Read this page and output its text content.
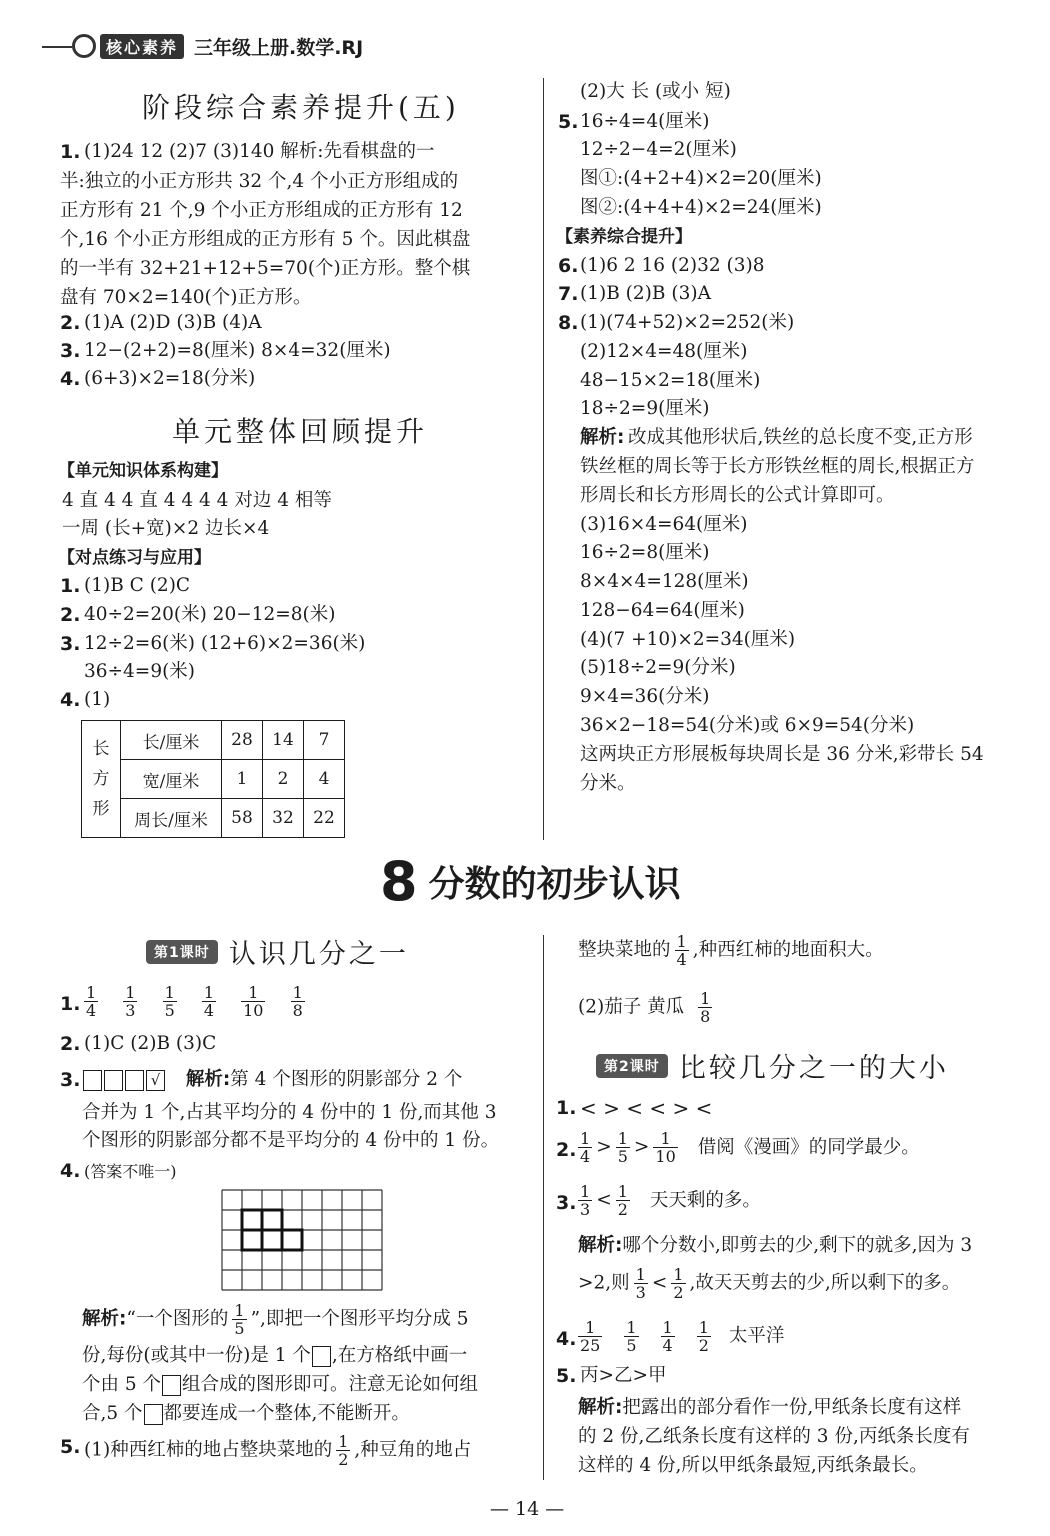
核心素养 三年级上册.数学.RJ
阶段综合素养提升(五)
1. (1)24 12 (2)7 (3)140 解析:先看棋盘的一
半:独立的小正方形共 32 个,4 个小正方形组成的
正方形有 21 个,9 个小正方形组成的正方形有 12
个,16 个小正方形组成的正方形有 5 个。因此棋盘
的一半有 32+21+12+5=70(个)正方形。整个棋
盘有 70×2=140(个)正方形。
2. (1)A (2)D (3)B (4)A
3. 12−(2+2)=8(厘米) 8×4=32(厘米)
4. (6+3)×2=18(分米)
单元整体回顾提升
【单元知识体系构建】
4 直 4 4 直 4 4 4 4 对边 4 相等
一周 (长+宽)×2 边长×4
【对点练习与应用】
1. (1)B C (2)C
2. 40÷2=20(米) 20−12=8(米)
3. 12÷2=6(米) (12+6)×2=36(米)
36÷4=9(米)
4. (1)
长
方
形	长/厘米	28	14	7
	宽/厘米	1	2	4
	周长/厘米	58	32	22
(2)大 长 (或小 短)
5. 16÷4=4(厘米)
12÷2−4=2(厘米)
图①:(4+2+4)×2=20(厘米)
图②:(4+4+4)×2=24(厘米)
【素养综合提升】
6. (1)6 2 16 (2)32 (3)8
7. (1)B (2)B (3)A
8. (1)(74+52)×2=252(米)
(2)12×4=48(厘米)
48−15×2=18(厘米)
18÷2=9(厘米)
解析: 改成其他形状后,铁丝的总长度不变,正方形
铁丝框的周长等于长方形铁丝框的周长,根据正方
形周长和长方形周长的公式计算即可。
(3)16×4=64(厘米)
16÷2=8(厘米)
8×4×4=128(厘米)
128−64=64(厘米)
(4)(7 +10)×2=34(厘米)
(5)18÷2=9(分米)
9×4=36(分米)
36×2−18=54(分米)或 6×9=54(分米)
这两块正方形展板每块周长是 36 分米,彩带长 54
分米。
8 分数的初步认识
第1课时 认识几分之一
1. $\frac{1}{4}$
$\frac{1}{3}$
$\frac{1}{5}$
$\frac{1}{4}$
$\frac{1}{10}$
$\frac{1}{8}$
2. (1)C (2)B (3)C
3.	√ 解析:第 4 个图形的阴影部分 2 个
合并为 1 个,占其平均分的 4 份中的 1 份,而其他 3
个图形的阴影部分都不是平均分的 4 份中的 1 份。
4. (答案不唯一)
解析:“一个图形的 $\frac{1}{5}$ ”,即把一个图形平均分成 5
份,每份(或其中一份)是 1 个 ,在方格纸中画一
个由 5 个 组合成的图形即可。注意无论如何组
合,5 个 都要连成一个整体,不能断开。
5. (1)种西红柿的地占整块菜地的 $\frac{1}{2}$ ,种豆角的地占
整块菜地的 $\frac{1}{4}$ ,种西红柿的地面积大。
(2)茄子 黄瓜 $\frac{1}{8}$
第2课时 比较几分之一的大小
1. < > < < > <
2. $\frac{1}{4} > \frac{1}{5} > \frac{1}{10}$ 借阅《漫画》的同学最少。
3. $\frac{1}{3} < \frac{1}{2}$ 天天剩的多。
解析:哪个分数小,即剪去的少,剩下的就多,因为 3
>2,则 $\frac{1}{3} < \frac{1}{2}$ ,故天天剪去的少,所以剩下的多。
4. $\frac{1}{25} \frac{1}{5} \frac{1}{4} \frac{1}{2}$ 太平洋
5. 丙>乙>甲
解析:把露出的部分看作一份,甲纸条长度有这样
的 2 份,乙纸条长度有这样的 3 份,丙纸条长度有
这样的 4 份,所以甲纸条最短,丙纸条最长。
— 14 —
